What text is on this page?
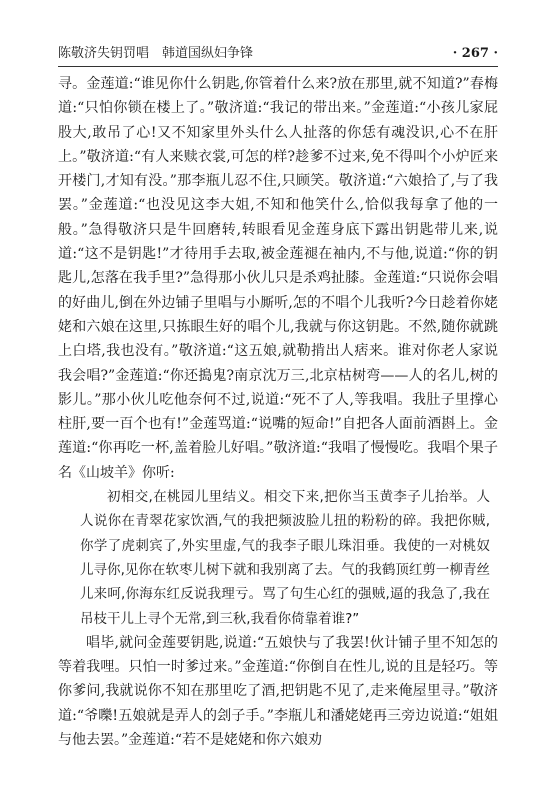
陈敬济失钥罚唱　韩道国纵妇争锋	· 267 ·

寻。金莲道:“谁见你什么钥匙,你管着什么来?放在那里,就不知道?”春梅道:“只怕你锁在楼上了。”敬济道:“我记的带出来。”金莲道:“小孩儿家屁股大,敢吊了心!又不知家里外头什么人扯落的你恁有魂没识,心不在肝上。”敬济道:“有人来赎衣裳,可怎的样?趁爹不过来,免不得叫个小炉匠来开楼门,才知有没。”那李瓶儿忍不住,只顾笑。敬济道:“六娘拾了,与了我罢。”金莲道:“也没见这李大姐,不知和他笑什么,恰似我每拿了他的一般。”急得敬济只是牛回磨转,转眼看见金莲身底下露出钥匙带儿来,说道:“这不是钥匙!”才待用手去取,被金莲褪在袖内,不与他,说道:“你的钥匙儿,怎落在我手里?”急得那小伙儿只是杀鸡扯膝。金莲道:“只说你会唱的好曲儿,倒在外边铺子里唱与小厮听,怎的不唱个儿我听?今日趁着你姥姥和六娘在这里,只拣眼生好的唱个儿,我就与你这钥匙。不然,随你就跳上白塔,我也没有。”敬济道:“这五娘,就勒掯出人痞来。谁对你老人家说我会唱?”金莲道:“你还搗鬼?南京沈万三,北京枯树弯——人的名儿,树的影儿。”那小伙儿吃他奈何不过,说道:“死不了人,等我唱。我肚子里撑心柱肝,要一百个也有!”金莲骂道:“说嘴的短命!”自把各人面前酒斟上。金莲道:“你再吃一杯,盖着脸儿好唱。”敬济道:“我唱了慢慢吃。我唱个果子名《山坡羊》你听:

初相交,在桃园儿里结义。相交下来,把你当玉黄李子儿抬举。人人说你在青翠花家饮酒,气的我把频波脸儿扭的粉粉的碎。我把你贼,你学了虎刺宾了,外实里虚,气的我李子眼儿珠泪垂。我使的一对桃奴儿寻你,见你在软枣儿树下就和我别离了去。气的我鹤顶红剪一柳青丝儿来呵,你海东红反说我理亏。骂了句生心红的强贼,逼的我急了,我在吊枝干儿上寻个无常,到三秋,我看你倚靠着谁?”

唱毕,就问金莲要钥匙,说道:“五娘快与了我罢!伙计铺子里不知怎的等着我哩。只怕一时爹过来。”金莲道:“你倒自在性儿,说的且是轻巧。等你爹问,我就说你不知在那里吃了酒,把钥匙不见了,走来俺屋里寻。”敬济道:“爷嚛!五娘就是弄人的刽子手。”李瓶儿和潘姥姥再三旁边说道:“姐姐与他去罢。”金莲道:“若不是姥姥和你六娘劝
